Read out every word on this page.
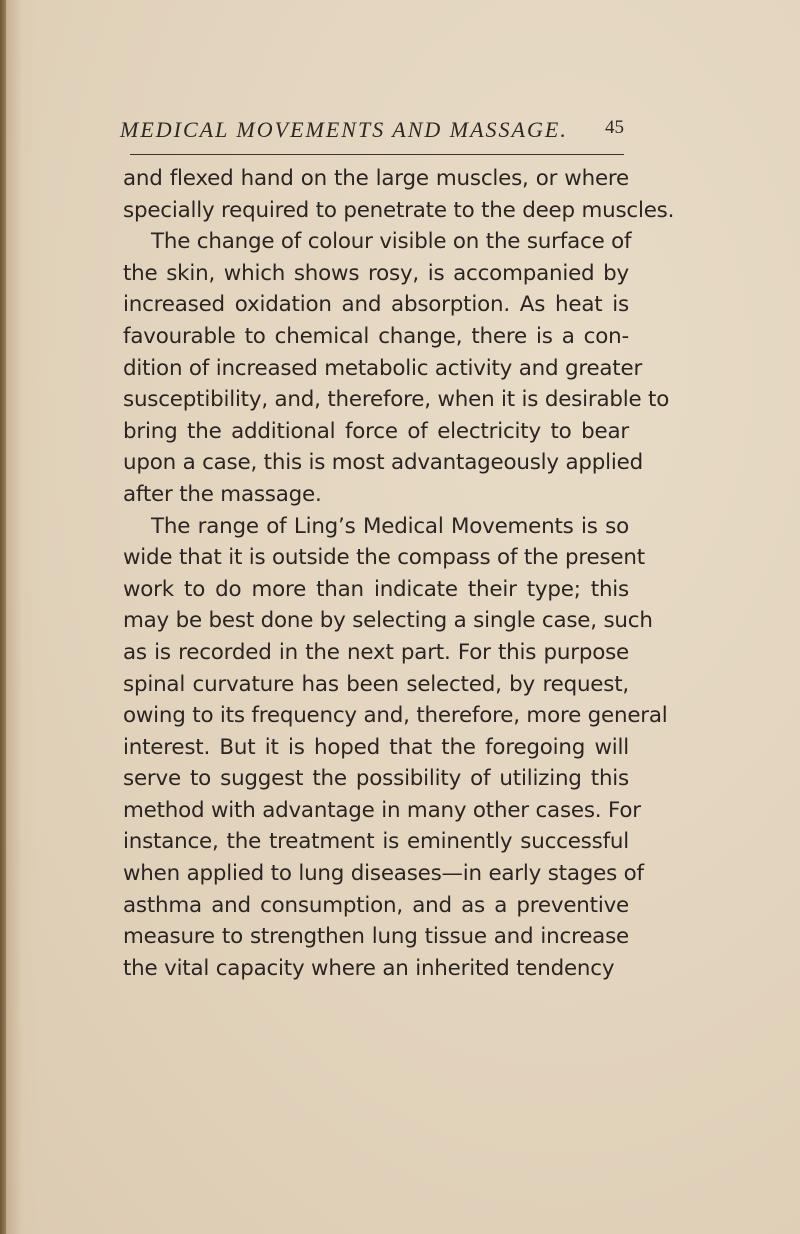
MEDICAL MOVEMENTS AND MASSAGE. 45
and flexed hand on the large muscles, or where
specially required to penetrate to the deep muscles.
The change of colour visible on the surface of
the skin, which shows rosy, is accompanied by
increased oxidation and absorption. As heat is
favourable to chemical change, there is a con-
dition of increased metabolic activity and greater
susceptibility, and, therefore, when it is desirable to
bring the additional force of electricity to bear
upon a case, this is most advantageously applied
after the massage.
The range of Ling’s Medical Movements is so
wide that it is outside the compass of the present
work to do more than indicate their type; this
may be best done by selecting a single case, such
as is recorded in the next part. For this purpose
spinal curvature has been selected, by request,
owing to its frequency and, therefore, more general
interest. But it is hoped that the foregoing will
serve to suggest the possibility of utilizing this
method with advantage in many other cases. For
instance, the treatment is eminently successful
when applied to lung diseases—in early stages of
asthma and consumption, and as a preventive
measure to strengthen lung tissue and increase
the vital capacity where an inherited tendency
